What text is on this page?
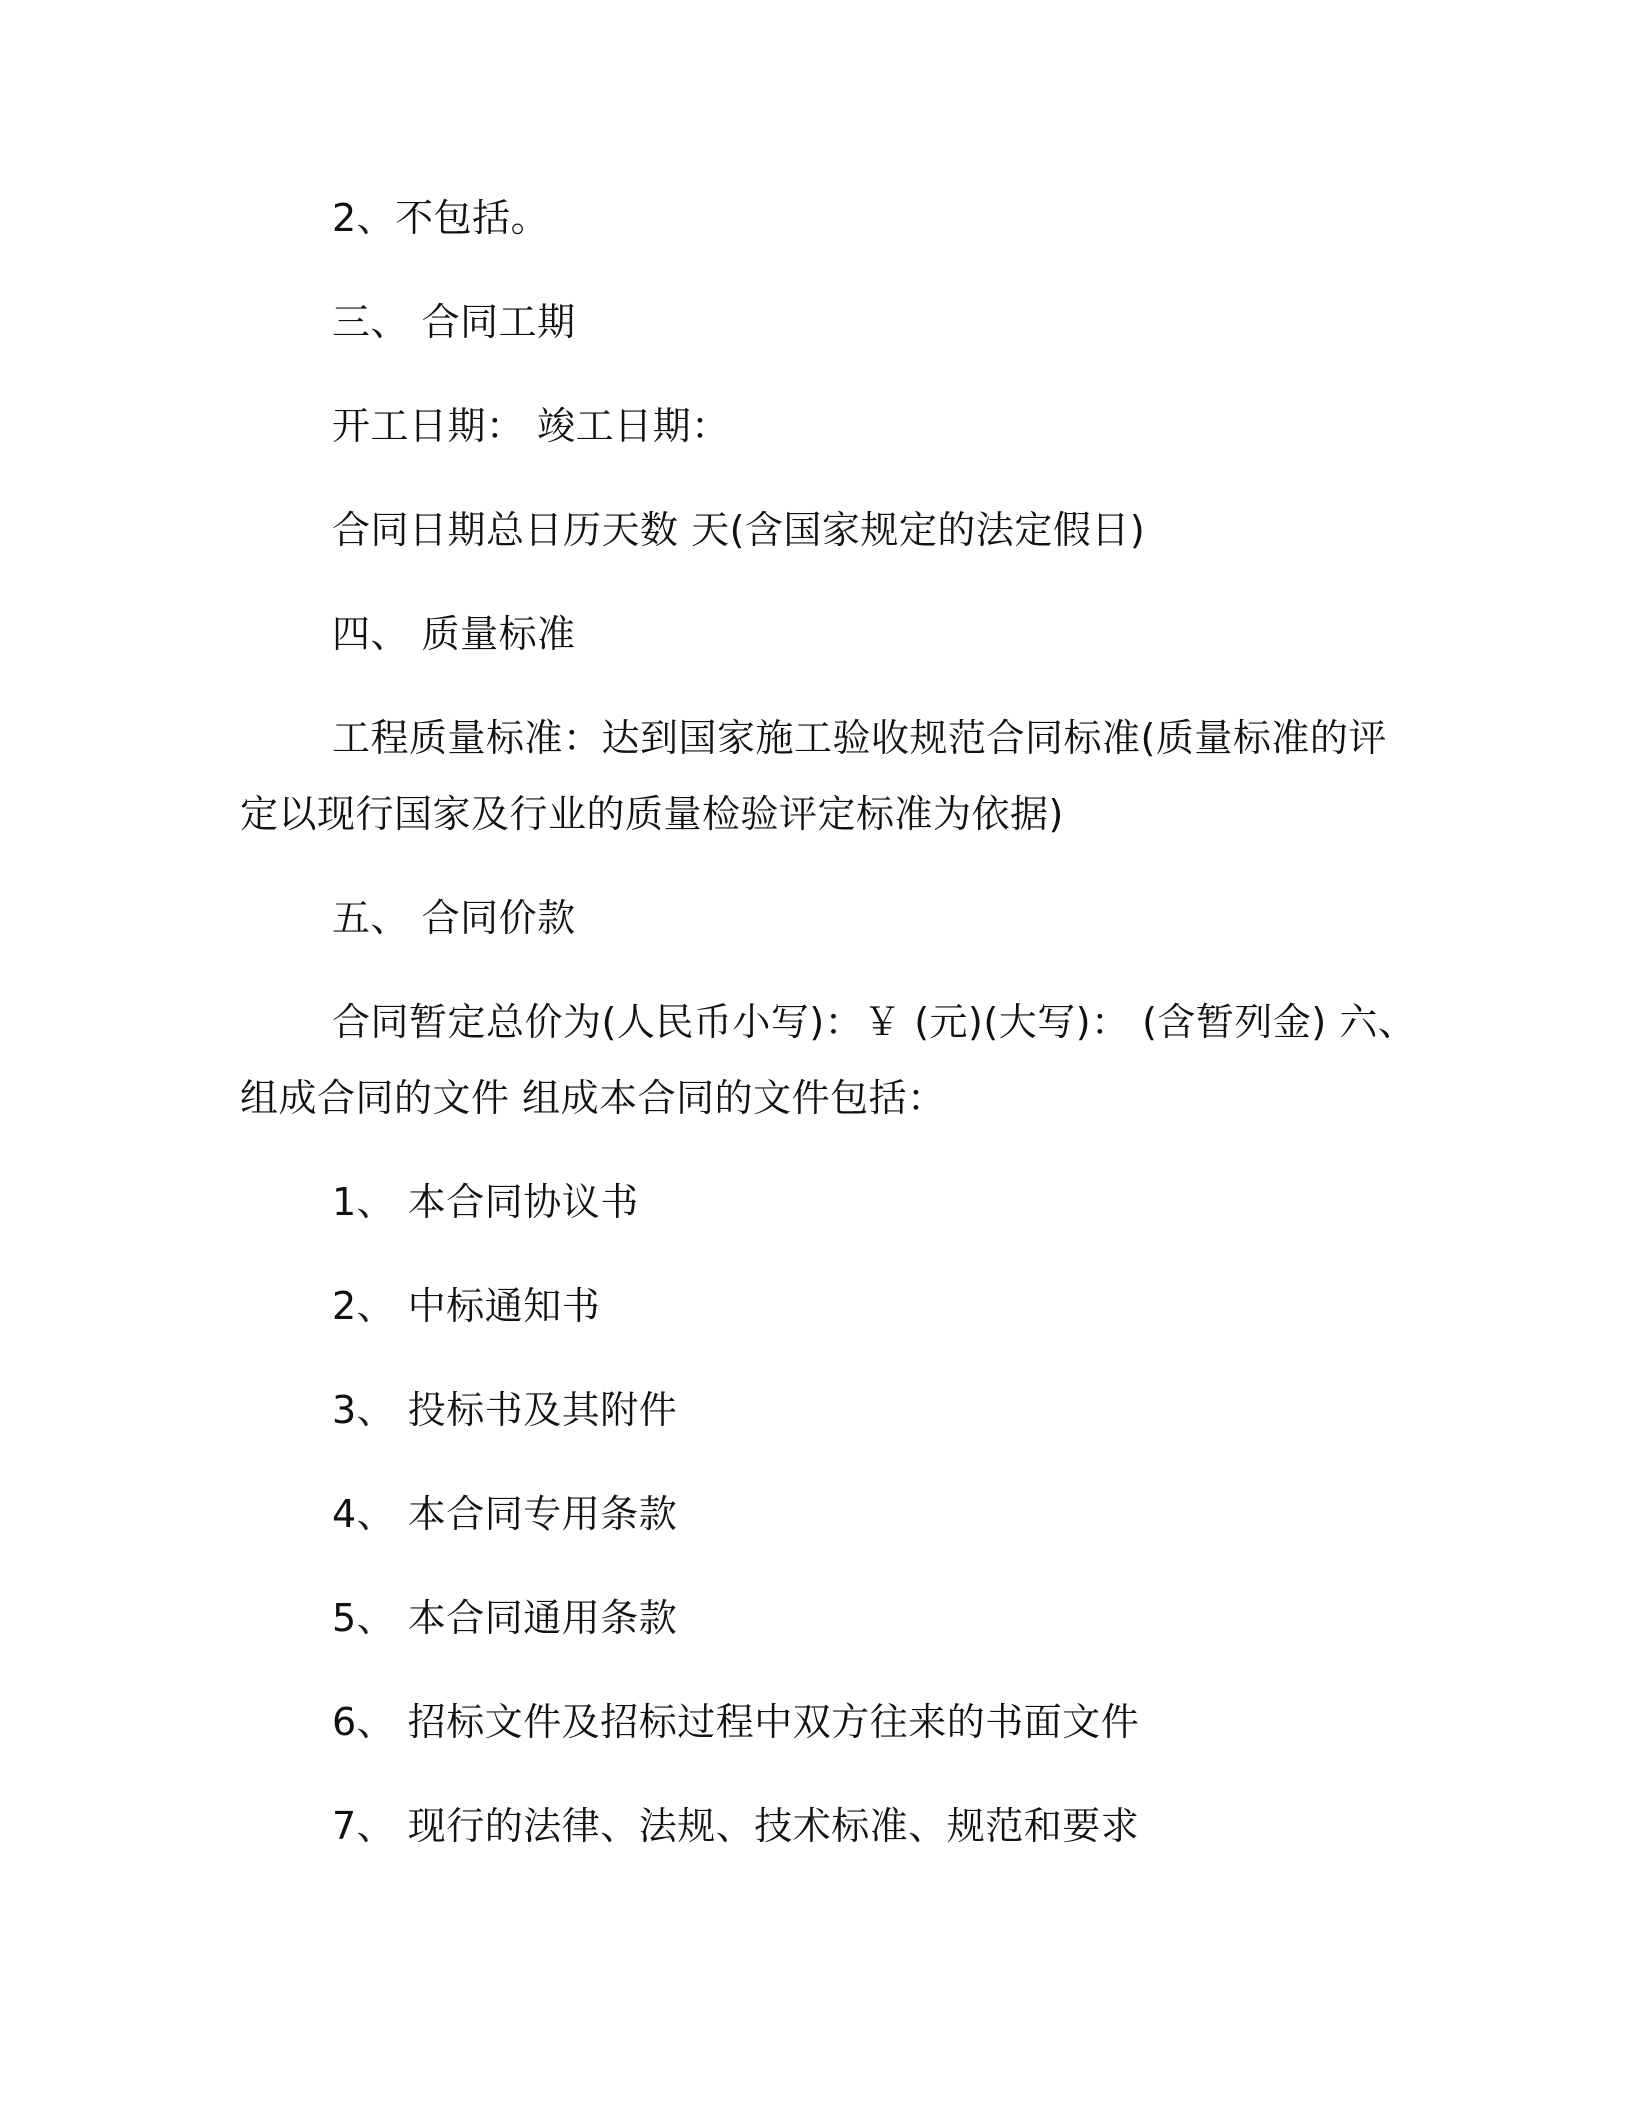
2、不包括。
三、 合同工期
开工日期： 竣工日期：
合同日期总日历天数 天(含国家规定的法定假日)
四、 质量标准
工程质量标准：达到国家施工验收规范合同标准(质量标准的评
定以现行国家及行业的质量检验评定标准为依据)
五、 合同价款
合同暂定总价为(人民币小写)：￥ (元)(大写)： (含暂列金) 六、
组成合同的文件 组成本合同的文件包括：
1、 本合同协议书
2、 中标通知书
3、 投标书及其附件
4、 本合同专用条款
5、 本合同通用条款
6、 招标文件及招标过程中双方往来的书面文件
7、 现行的法律、法规、技术标准、规范和要求
